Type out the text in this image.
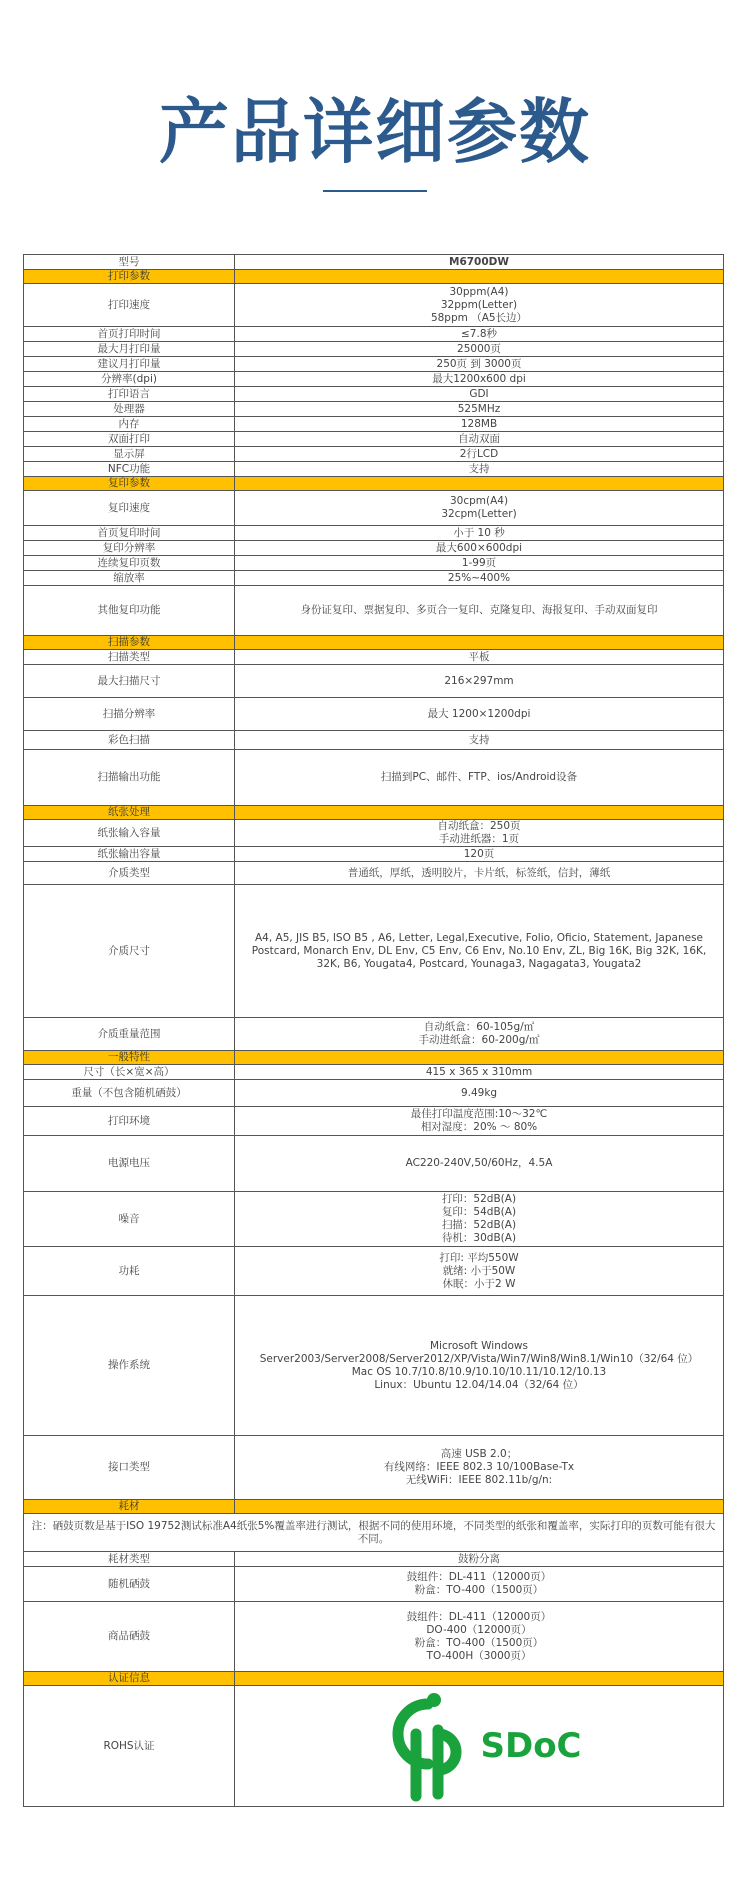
产品详细参数
型号	M6700DW

打印参数	
打印速度	30ppm(A4)
32ppm(Letter)
58ppm （A5长边）

首页打印时间	≤7.8秒

最大月打印量	25000页

建议月打印量	250页 到 3000页

分辨率(dpi)	最大1200x600 dpi

打印语言	GDI

处理器	525MHz

内存	128MB

双面打印	自动双面

显示屏	2行LCD

NFC功能	支持

复印参数	
复印速度	30cpm(A4)
32cpm(Letter)

首页复印时间	小于 10 秒

复印分辨率	最大600×600dpi

连续复印页数	1-99页

缩放率	25%~400%

其他复印功能	身份证复印、票据复印、多页合一复印、克隆复印、海报复印、手动双面复印

扫描参数	
扫描类型	平板

最大扫描尺寸	216×297mm

扫描分辨率	最大 1200×1200dpi

彩色扫描	支持

扫描输出功能	扫描到PC、邮件、FTP、ios/Android设备

纸张处理	
纸张输入容量	自动纸盒：250页
手动进纸器：1页

纸张输出容量	120页

介质类型	普通纸，厚纸，透明胶片，卡片纸，标签纸，信封，薄纸

介质尺寸	A4, A5, JIS B5, ISO B5 , A6, Letter, Legal,Executive, Folio, Oficio, Statement, Japanese Postcard, Monarch Env, DL Env, C5 Env, C6 Env, No.10 Env, ZL, Big 16K, Big 32K, 16K, 32K, B6, Yougata4, Postcard, Younaga3, Nagagata3, Yougata2

介质重量范围	自动纸盒：60-105g/㎡
手动进纸盒：60-200g/㎡

一般特性	
尺寸（长×宽×高）	415 x 365 x 310mm

重量（不包含随机硒鼓）	9.49kg

打印环境	最佳打印温度范围:10～32℃
相对湿度：20% ～ 80%

电源电压	AC220-240V,50/60Hz，4.5A

噪音	打印：52dB(A)
复印：54dB(A)
扫描：52dB(A)
待机：30dB(A)

功耗	打印: 平均550W
就绪: 小于50W
休眠：小于2 W

操作系统	Microsoft Windows
Server2003/Server2008/Server2012/XP/Vista/Win7/Win8/Win8.1/Win10（32/64 位）
Mac OS 10.7/10.8/10.9/10.10/10.11/10.12/10.13
Linux：Ubuntu 12.04/14.04（32/64 位）

接口类型	高速 USB 2.0；
有线网络：IEEE 802.3 10/100Base-Tx
无线WiFi：IEEE 802.11b/g/n:

耗材	
注：硒鼓页数是基于ISO 19752测试标准A4纸张5%覆盖率进行测试，根据不同的使用环境，不同类型的纸张和覆盖率，实际打印的页数可能有很大不同。	
耗材类型	鼓粉分离

随机硒鼓	鼓组件：DL-411（12000页）
粉盒：TO-400（1500页）

商品硒鼓	鼓组件：DL-411（12000页）
DO-400（12000页）
粉盒：TO-400（1500页）
TO-400H（3000页）

认证信息	
ROHS认证	SDoC
